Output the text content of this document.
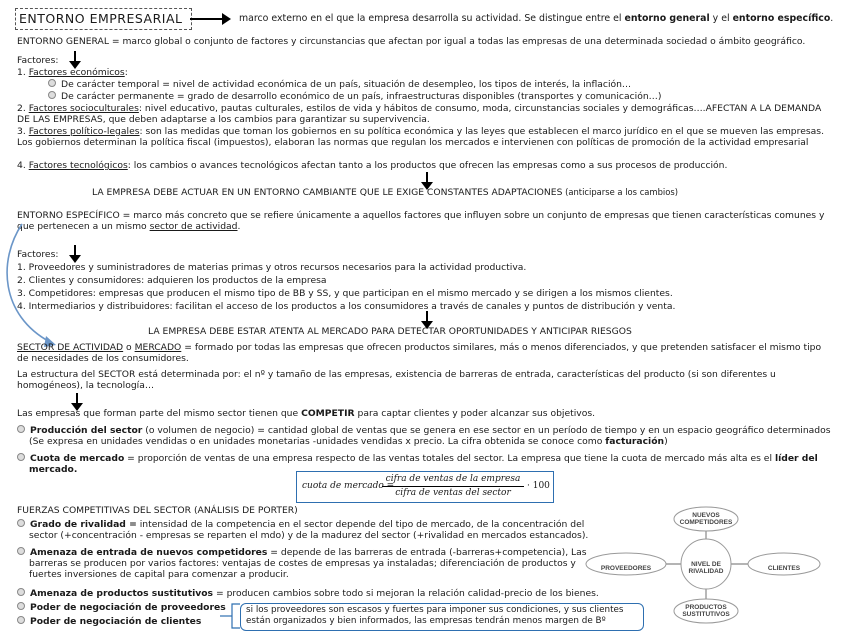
ENTORNO EMPRESARIAL	marco externo en el que la empresa desarrolla su actividad. Se distingue entre el entorno general y el entorno específico.
ENTORNO GENERAL = marco global o conjunto de factores y circunstancias que afectan por igual a todas las empresas de una determinada sociedad o ámbito geográfico.
Factores:
1. Factores económicos:
De carácter temporal = nivel de actividad económica de un país, situación de desempleo, los tipos de interés, la inflación…
De carácter permanente = grado de desarrollo económico de un país, infraestructuras disponibles (transportes y comunicación…)
2. Factores socioculturales: nivel educativo, pautas culturales, estilos de vida y hábitos de consumo, moda, circunstancias sociales y demográficas….AFECTAN A LA DEMANDA DE LAS EMPRESAS, que deben adaptarse a los cambios para garantizar su supervivencia.
3. Factores político-legales: son las medidas que toman los gobiernos en su política económica y las leyes que establecen el marco jurídico en el que se mueven las empresas. Los gobiernos determinan la política fiscal (impuestos), elaboran las normas que regulan los mercados e intervienen con políticas de promoción de la actividad empresarial
4. Factores tecnológicos: los cambios o avances tecnológicos afectan tanto a los productos que ofrecen las empresas como a sus procesos de producción.
LA EMPRESA DEBE ACTUAR EN UN ENTORNO CAMBIANTE QUE LE EXIGE CONSTANTES ADAPTACIONES (anticiparse a los cambios)
ENTORNO ESPECÍFICO = marco más concreto que se refiere únicamente a aquellos factores que influyen sobre un conjunto de empresas que tienen características comunes y que pertenecen a un mismo sector de actividad.
Factores:
1. Proveedores y suministradores de materias primas y otros recursos necesarios para la actividad productiva.
2. Clientes y consumidores: adquieren los productos de la empresa
3. Competidores: empresas que producen el mismo tipo de BB y SS, y que participan en el mismo mercado y se dirigen a los mismos clientes.
4. Intermediarios y distribuidores: facilitan el acceso de los productos a los consumidores a través de canales y puntos de distribución y venta.
LA EMPRESA DEBE ESTAR ATENTA AL MERCADO PARA DETECTAR OPORTUNIDADES Y ANTICIPAR RIESGOS
SECTOR DE ACTIVIDAD o MERCADO = formado por todas las empresas que ofrecen productos similares, más o menos diferenciados, y que pretenden satisfacer el mismo tipo de necesidades de los consumidores.
La estructura del SECTOR está determinada por: el nº y tamaño de las empresas, existencia de barreras de entrada, características del producto (si son diferentes u homogéneos), la tecnología…
Las empresas que forman parte del mismo sector tienen que COMPETIR para captar clientes y poder alcanzar sus objetivos.
Producción del sector (o volumen de negocio) = cantidad global de ventas que se genera en ese sector en un período de tiempo y en un espacio geográfico determinados (Se expresa en unidades vendidas o en unidades monetarias -unidades vendidas x precio. La cifra obtenida se conoce como facturación)
Cuota de mercado = proporción de ventas de una empresa respecto de las ventas totales del sector. La empresa que tiene la cuota de mercado más alta es el líder del mercado.
cuota de mercado =
cifra de ventas de la empresa
cifra de ventas del sector
· 100
FUERZAS COMPETITIVAS DEL SECTOR (ANÁLISIS DE PORTER)
Grado de rivalidad = intensidad de la competencia en el sector depende del tipo de mercado, de la concentración del sector (+concentración - empresas se reparten el mdo) y de la madurez del sector (+rivalidad en mercados estancados).
Amenaza de entrada de nuevos competidores = depende de las barreras de entrada (-barreras+competencia), Las barreras se producen por varios factores: ventajas de costes de empresas ya instaladas; diferenciación de productos y fuertes inversiones de capital para comenzar a producir.
Amenaza de productos sustitutivos = producen cambios sobre todo si mejoran la relación calidad-precio de los bienes.
Poder de negociación de proveedores
Poder de negociación de clientes
si los proveedores son escasos y fuertes para imponer sus condiciones, y sus clientes están organizados y bien informados, las empresas tendrán menos margen de Bº
NUEVOS
COMPETIDORES
PROVEEDORES	NIVEL DE
RIVALIDAD	CLIENTES
PRODUCTOS
SUSTITUTIVOS
